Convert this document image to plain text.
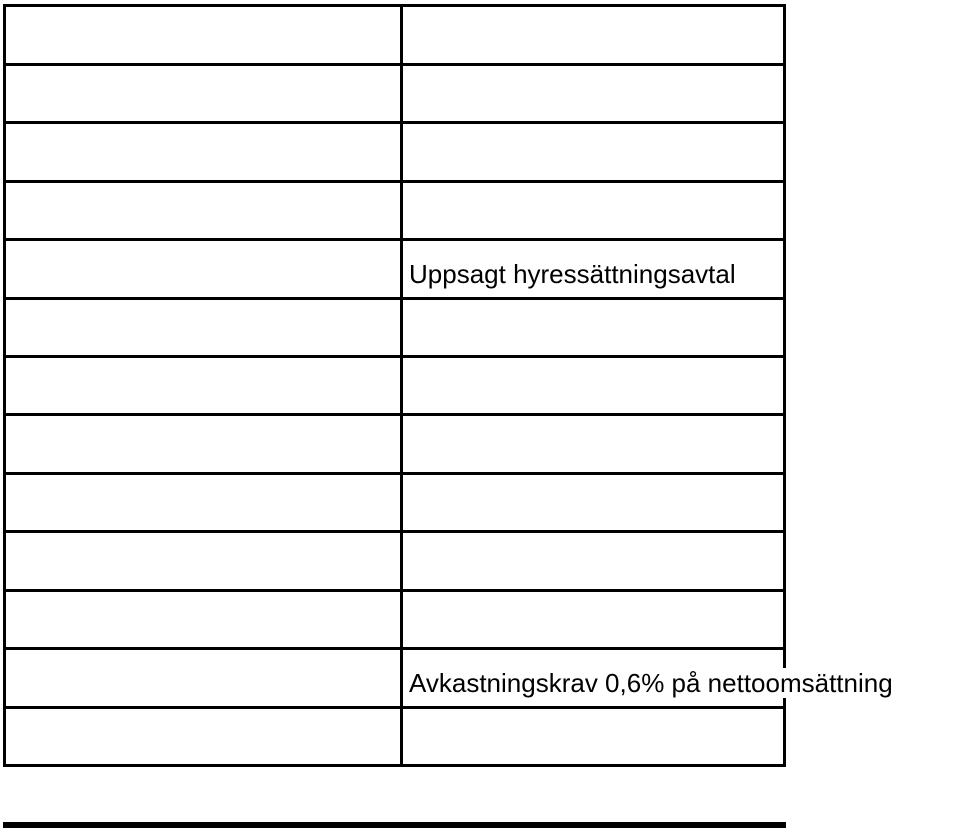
Uppsagt hyressättningsavtal
Avkastningskrav 0,6% på nettoomsättning
